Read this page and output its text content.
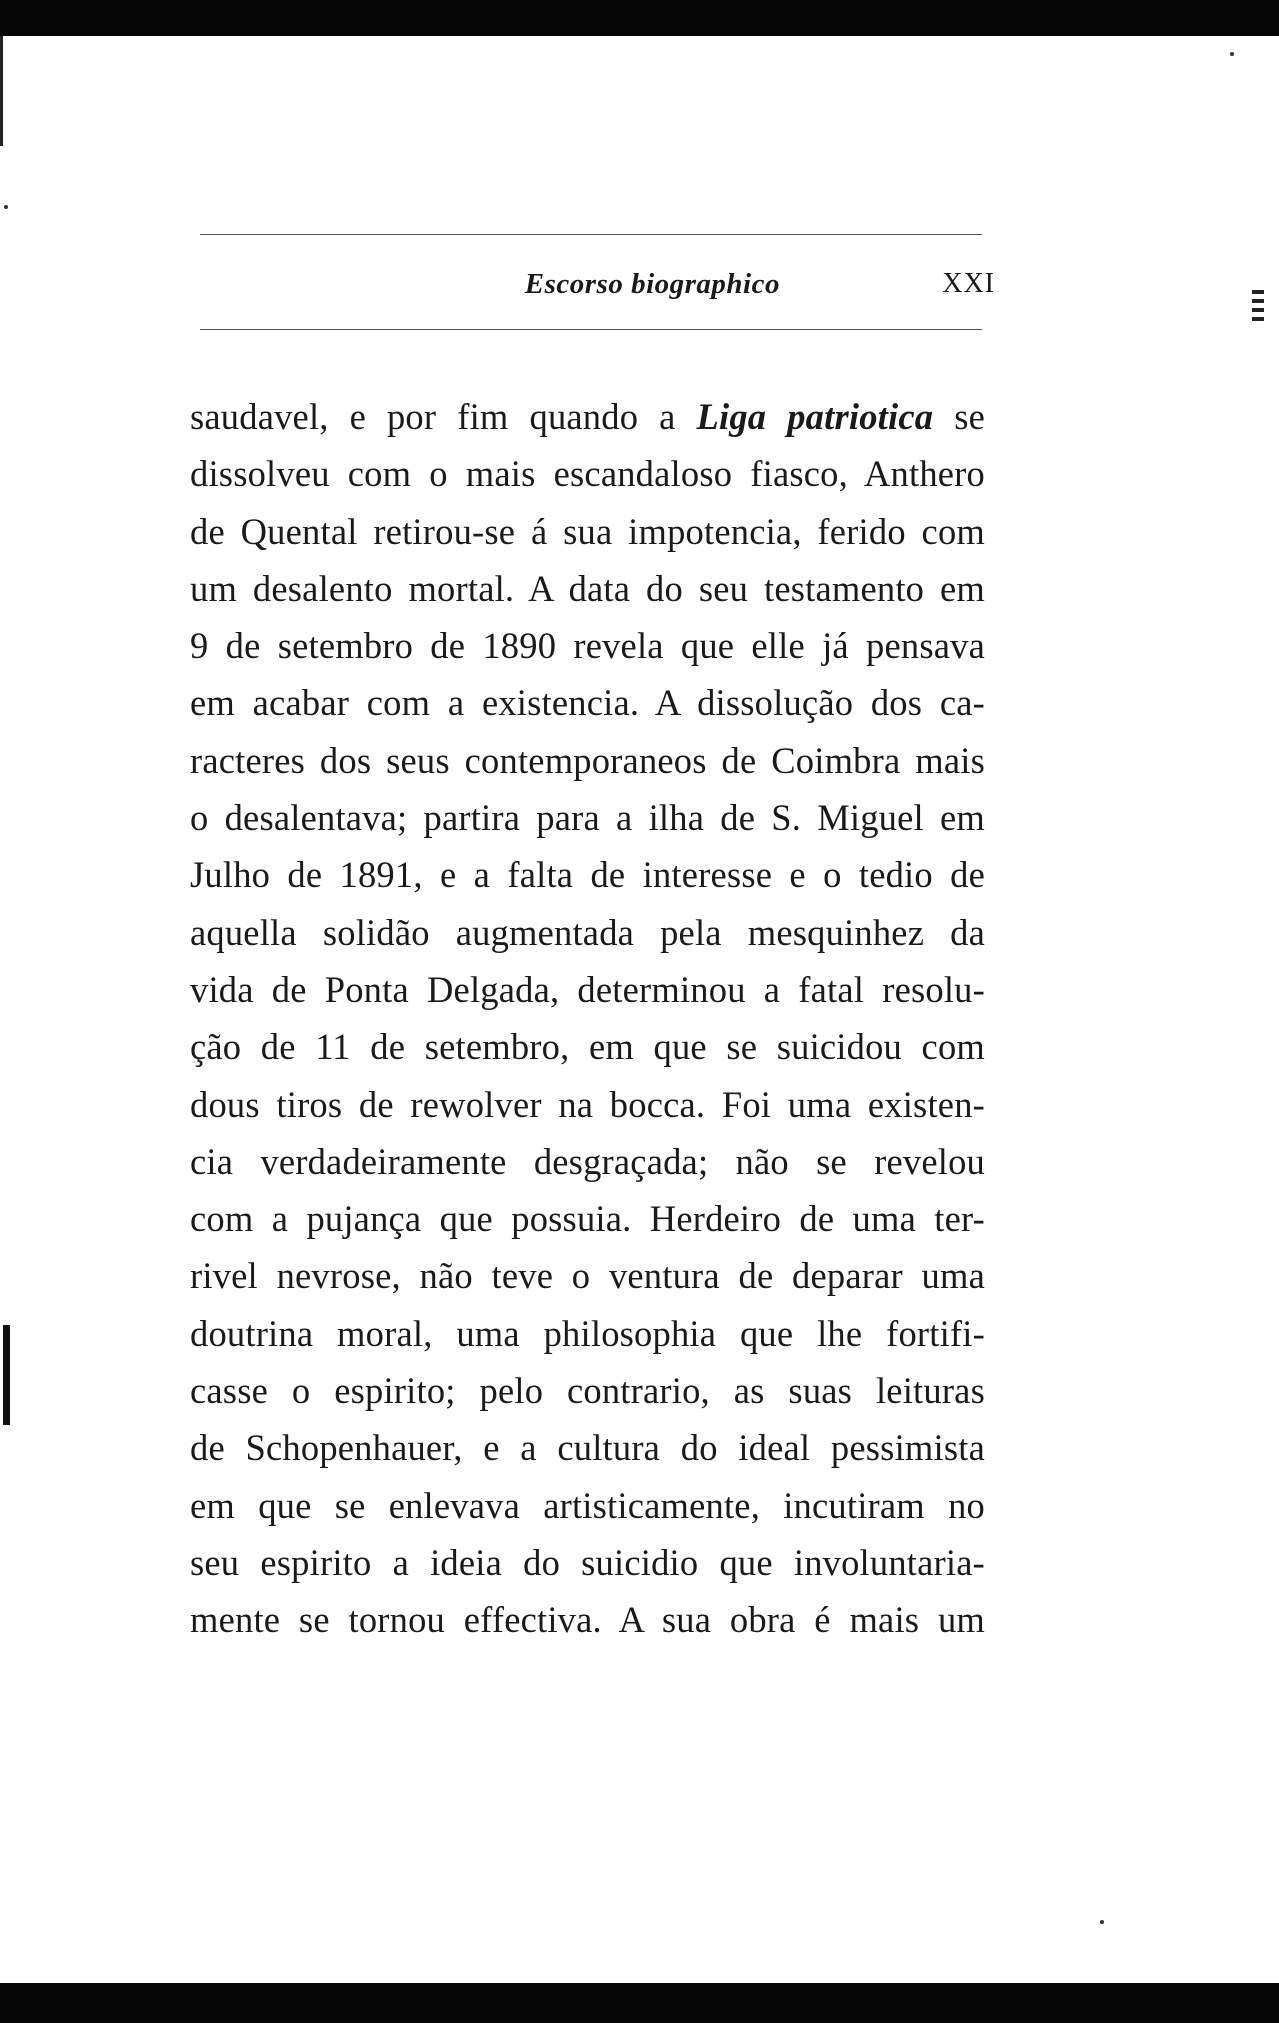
Escorso biographico	XXI
saudavel, e por fim quando a Liga patriotica se
dissolveu com o mais escandaloso fiasco, Anthero
de Quental retirou-se á sua impotencia, ferido com
um desalento mortal. A data do seu testamento em
9 de setembro de 1890 revela que elle já pensava
em acabar com a existencia. A dissolução dos ca-
racteres dos seus contemporaneos de Coimbra mais
o desalentava; partira para a ilha de S. Miguel em
Julho de 1891, e a falta de interesse e o tedio de
aquella solidão augmentada pela mesquinhez da
vida de Ponta Delgada, determinou a fatal resolu-
ção de 11 de setembro, em que se suicidou com
dous tiros de rewolver na bocca. Foi uma existen-
cia verdadeiramente desgraçada; não se revelou
com a pujança que possuia. Herdeiro de uma ter-
rivel nevrose, não teve o ventura de deparar uma
doutrina moral, uma philosophia que lhe fortifi-
casse o espirito; pelo contrario, as suas leituras
de Schopenhauer, e a cultura do ideal pessimista
em que se enlevava artisticamente, incutiram no
seu espirito a ideia do suicidio que involuntaria-
mente se tornou effectiva. A sua obra é mais um
